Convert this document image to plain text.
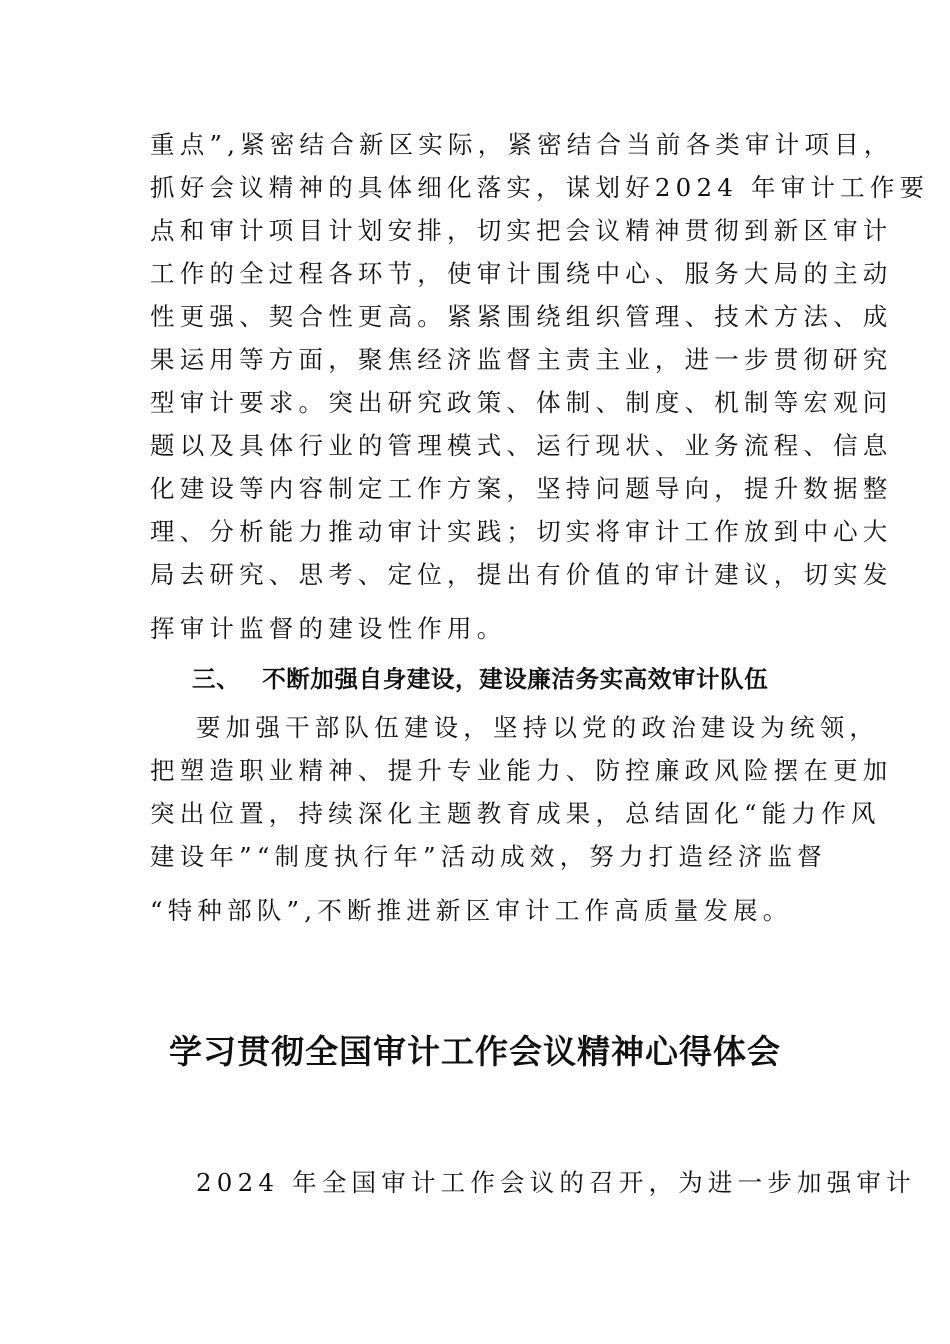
重点”,紧密结合新区实际，紧密结合当前各类审计项目，
抓好会议精神的具体细化落实，谋划好2024 年审计工作要
点和审计项目计划安排，切实把会议精神贯彻到新区审计
工作的全过程各环节，使审计围绕中心、服务大局的主动
性更强、契合性更高。紧紧围绕组织管理、技术方法、成
果运用等方面，聚焦经济监督主责主业，进一步贯彻研究
型审计要求。突出研究政策、体制、制度、机制等宏观问
题以及具体行业的管理模式、运行现状、业务流程、信息
化建设等内容制定工作方案，坚持问题导向，提升数据整
理、分析能力推动审计实践；切实将审计工作放到中心大
局去研究、思考、定位，提出有价值的审计建议，切实发
挥审计监督的建设性作用。
三、 不断加强自身建设，建设廉洁务实高效审计队伍
要加强干部队伍建设，坚持以党的政治建设为统领，
把塑造职业精神、提升专业能力、防控廉政风险摆在更加
突出位置，持续深化主题教育成果，总结固化“能力作风
建设年”“制度执行年”活动成效，努力打造经济监督
“特种部队”,不断推进新区审计工作高质量发展。
学习贯彻全国审计工作会议精神心得体会
2024 年全国审计工作会议的召开，为进一步加强审计
